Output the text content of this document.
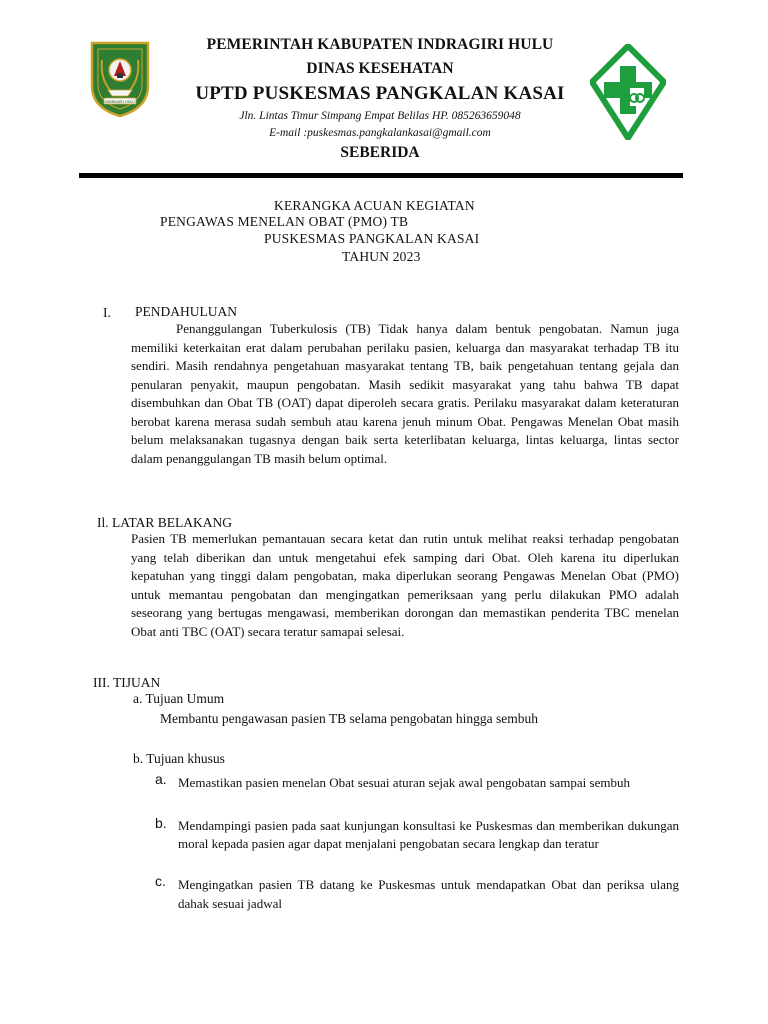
INDRAGIRI HULU
PEMERINTAH KABUPATEN INDRAGIRI HULU
DINAS KESEHATAN
UPTD PUSKESMAS PANGKALAN KASAI
Jln. Lintas Timur Simpang Empat Belilas HP. 085263659048
E-mail :puskesmas.pangkalankasai@gmail.com
SEBERIDA
KERANGKA ACUAN KEGIATAN
PENGAWAS MENELAN OBAT (PMO) TB
PUSKESMAS PANGKALAN KASAI
TAHUN 2023
I. PENDAHULUAN
Penanggulangan Tuberkulosis (TB) Tidak hanya dalam bentuk pengobatan. Namun juga memiliki keterkaitan erat dalam perubahan perilaku pasien, keluarga dan masyarakat terhadap TB itu sendiri. Masih rendahnya pengetahuan masyarakat tentang TB, baik pengetahuan tentang gejala dan penularan penyakit, maupun pengobatan. Masih sedikit masyarakat yang tahu bahwa TB dapat disembuhkan dan Obat TB (OAT) dapat diperoleh secara gratis. Perilaku masyarakat dalam keteraturan berobat karena merasa sudah sembuh atau karena jenuh minum Obat. Pengawas Menelan Obat masih belum melaksanakan tugasnya dengan baik serta keterlibatan keluarga, lintas keluarga, lintas sector dalam penanggulangan TB masih belum optimal.
Il. LATAR BELAKANG
Pasien TB memerlukan pemantauan secara ketat dan rutin untuk melihat reaksi terhadap pengobatan yang telah diberikan dan untuk mengetahui efek samping dari Obat. Oleh karena itu diperlukan kepatuhan yang tinggi dalam pengobatan, maka diperlukan seorang Pengawas Menelan Obat (PMO) untuk memantau pengobatan dan mengingatkan pemeriksaan yang perlu dilakukan PMO adalah seseorang yang bertugas mengawasi, memberikan dorongan dan memastikan penderita TBC menelan Obat anti TBC (OAT) secara teratur samapai selesai.
III. TIJUAN
a. Tujuan Umum
Membantu pengawasan pasien TB selama pengobatan hingga sembuh
b. Tujuan khusus
a. Memastikan pasien menelan Obat sesuai aturan sejak awal pengobatan sampai sembuh
b. Mendampingi pasien pada saat kunjungan konsultasi ke Puskesmas dan memberikan dukungan moral kepada pasien agar dapat menjalani pengobatan secara lengkap dan teratur
c. Mengingatkan pasien TB datang ke Puskesmas untuk mendapatkan Obat dan periksa ulang dahak sesuai jadwal
